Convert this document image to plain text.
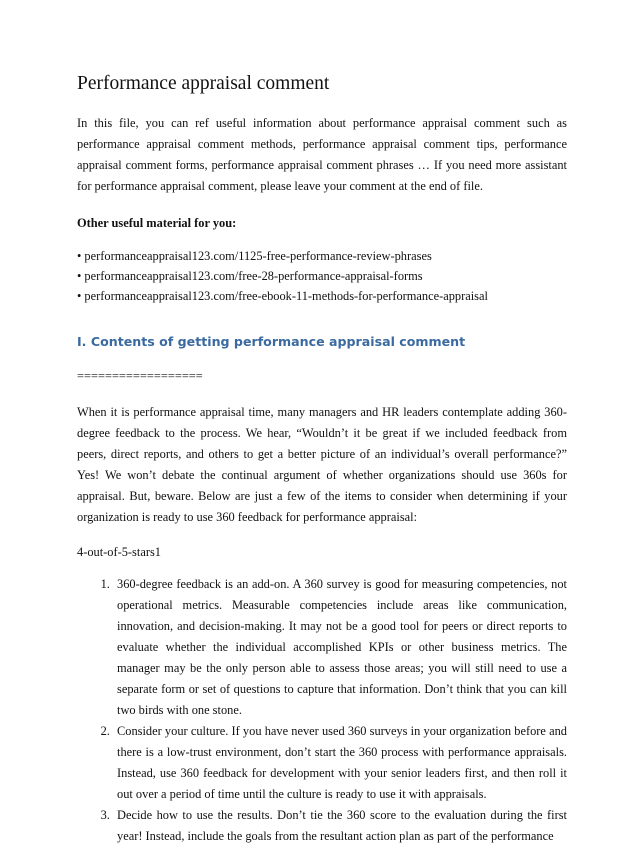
Performance appraisal comment

In this file, you can ref useful information about performance appraisal comment such as performance appraisal comment methods, performance appraisal comment tips, performance appraisal comment forms, performance appraisal comment phrases … If you need more assistant for performance appraisal comment, please leave your comment at the end of file.

Other useful material for you:

• performanceappraisal123.com/1125-free-performance-review-phrases
• performanceappraisal123.com/free-28-performance-appraisal-forms
• performanceappraisal123.com/free-ebook-11-methods-for-performance-appraisal
I. Contents of getting performance appraisal comment

==================

When it is performance appraisal time, many managers and HR leaders contemplate adding 360-degree feedback to the process. We hear, “Wouldn’t it be great if we included feedback from peers, direct reports, and others to get a better picture of an individual’s overall performance?” Yes! We won’t debate the continual argument of whether organizations should use 360s for appraisal. But, beware. Below are just a few of the items to consider when determining if your organization is ready to use 360 feedback for performance appraisal:

4-out-of-5-stars1

1. 360-degree feedback is an add-on. A 360 survey is good for measuring competencies, not operational metrics. Measurable competencies include areas like communication, innovation, and decision-making. It may not be a good tool for peers or direct reports to evaluate whether the individual accomplished KPIs or other business metrics. The manager may be the only person able to assess those areas; you will still need to use a separate form or set of questions to capture that information. Don’t think that you can kill two birds with one stone.
2. Consider your culture. If you have never used 360 surveys in your organization before and there is a low-trust environment, don’t start the 360 process with performance appraisals. Instead, use 360 feedback for development with your senior leaders first, and then roll it out over a period of time until the culture is ready to use it with appraisals.
3. Decide how to use the results. Don’t tie the 360 score to the evaluation during the first year! Instead, include the goals from the resultant action plan as part of the performance
